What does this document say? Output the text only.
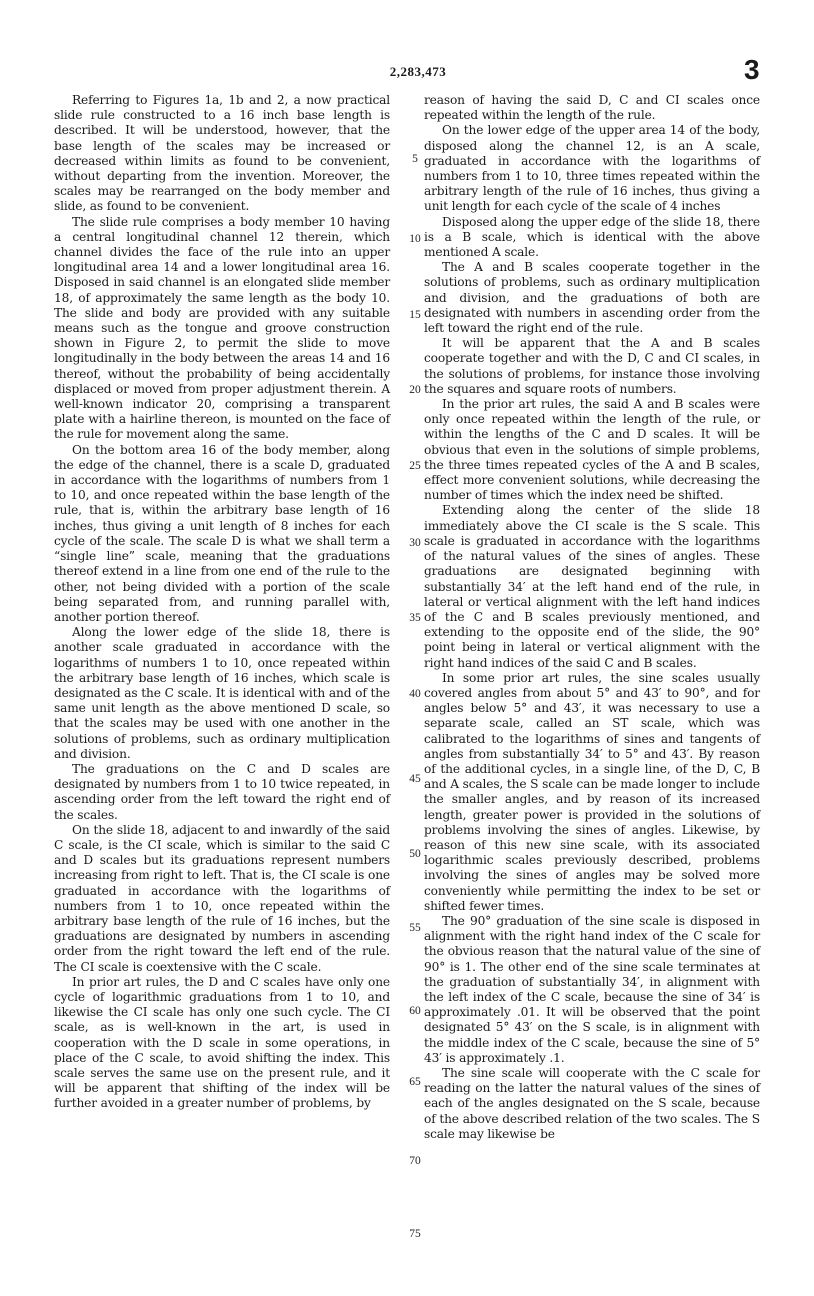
2,283,473	3

Referring to Figures 1a, 1b and 2, a now practical slide rule constructed to a 16 inch base length is described. It will be understood, however, that the base length of the scales may be increased or decreased within limits as found to be convenient, without departing from the invention. Moreover, the scales may be rearranged on the body member and slide, as found to be convenient.

The slide rule comprises a body member 10 having a central longitudinal channel 12 therein, which channel divides the face of the rule into an upper longitudinal area 14 and a lower longitudinal area 16. Disposed in said channel is an elongated slide member 18, of approximately the same length as the body 10. The slide and body are provided with any suitable means such as the tongue and groove construction shown in Figure 2, to permit the slide to move longitudinally in the body between the areas 14 and 16 thereof, without the probability of being accidentally displaced or moved from proper adjustment therein. A well-known indicator 20, comprising a transparent plate with a hairline thereon, is mounted on the face of the rule for movement along the same.

On the bottom area 16 of the body member, along the edge of the channel, there is a scale D, graduated in accordance with the logarithms of numbers from 1 to 10, and once repeated within the base length of the rule, that is, within the arbitrary base length of 16 inches, thus giving a unit length of 8 inches for each cycle of the scale. The scale D is what we shall term a “single line” scale, meaning that the graduations thereof extend in a line from one end of the rule to the other, not being divided with a portion of the scale being separated from, and running parallel with, another portion thereof.

Along the lower edge of the slide 18, there is another scale graduated in accordance with the logarithms of numbers 1 to 10, once repeated within the arbitrary base length of 16 inches, which scale is designated as the C scale. It is identical with and of the same unit length as the above mentioned D scale, so that the scales may be used with one another in the solutions of problems, such as ordinary multiplication and division.

The graduations on the C and D scales are designated by numbers from 1 to 10 twice repeated, in ascending order from the left toward the right end of the scales.

On the slide 18, adjacent to and inwardly of the said C scale, is the CI scale, which is similar to the said C and D scales but its graduations represent numbers increasing from right to left. That is, the CI scale is one graduated in accordance with the logarithms of numbers from 1 to 10, once repeated within the arbitrary base length of the rule of 16 inches, but the graduations are designated by numbers in ascending order from the right toward the left end of the rule. The CI scale is coextensive with the C scale.

In prior art rules, the D and C scales have only one cycle of logarithmic graduations from 1 to 10, and likewise the CI scale has only one such cycle. The CI scale, as is well-known in the art, is used in cooperation with the D scale in some operations, in place of the C scale, to avoid shifting the index. This scale serves the same use on the present rule, and it will be apparent that shifting of the index will be further avoided in a greater number of problems, by

5
10
15
20
25
30
35
40
45
50
55
60
65
70
75

reason of having the said D, C and CI scales once repeated within the length of the rule.

On the lower edge of the upper area 14 of the body, disposed along the channel 12, is an A scale, graduated in accordance with the logarithms of numbers from 1 to 10, three times repeated within the arbitrary length of the rule of 16 inches, thus giving a unit length for each cycle of the scale of 4 inches

Disposed along the upper edge of the slide 18, there is a B scale, which is identical with the above mentioned A scale.

The A and B scales cooperate together in the solutions of problems, such as ordinary multiplication and division, and the graduations of both are designated with numbers in ascending order from the left toward the right end of the rule.

It will be apparent that the A and B scales cooperate together and with the D, C and CI scales, in the solutions of problems, for instance those involving the squares and square roots of numbers.

In the prior art rules, the said A and B scales were only once repeated within the length of the rule, or within the lengths of the C and D scales. It will be obvious that even in the solutions of simple problems, the three times repeated cycles of the A and B scales, effect more convenient solutions, while decreasing the number of times which the index need be shifted.

Extending along the center of the slide 18 immediately above the CI scale is the S scale. This scale is graduated in accordance with the logarithms of the natural values of the sines of angles. These graduations are designated beginning with substantially 34′ at the left hand end of the rule, in lateral or vertical alignment with the left hand indices of the C and B scales previously mentioned, and extending to the opposite end of the slide, the 90° point being in lateral or vertical alignment with the right hand indices of the said C and B scales.

In some prior art rules, the sine scales usually covered angles from about 5° and 43′ to 90°, and for angles below 5° and 43′, it was necessary to use a separate scale, called an ST scale, which was calibrated to the logarithms of sines and tangents of angles from substantially 34′ to 5° and 43′. By reason of the additional cycles, in a single line, of the D, C, B and A scales, the S scale can be made longer to include the smaller angles, and by reason of its increased length, greater power is provided in the solutions of problems involving the sines of angles. Likewise, by reason of this new sine scale, with its associated logarithmic scales previously described, problems involving the sines of angles may be solved more conveniently while permitting the index to be set or shifted fewer times.

The 90° graduation of the sine scale is disposed in alignment with the right hand index of the C scale for the obvious reason that the natural value of the sine of 90° is 1. The other end of the sine scale terminates at the graduation of substantially 34′, in alignment with the left index of the C scale, because the sine of 34′ is approximately .01. It will be observed that the point designated 5° 43′ on the S scale, is in alignment with the middle index of the C scale, because the sine of 5° 43′ is approximately .1.

The sine scale will cooperate with the C scale for reading on the latter the natural values of the sines of each of the angles designated on the S scale, because of the above described relation of the two scales. The S scale may likewise be
